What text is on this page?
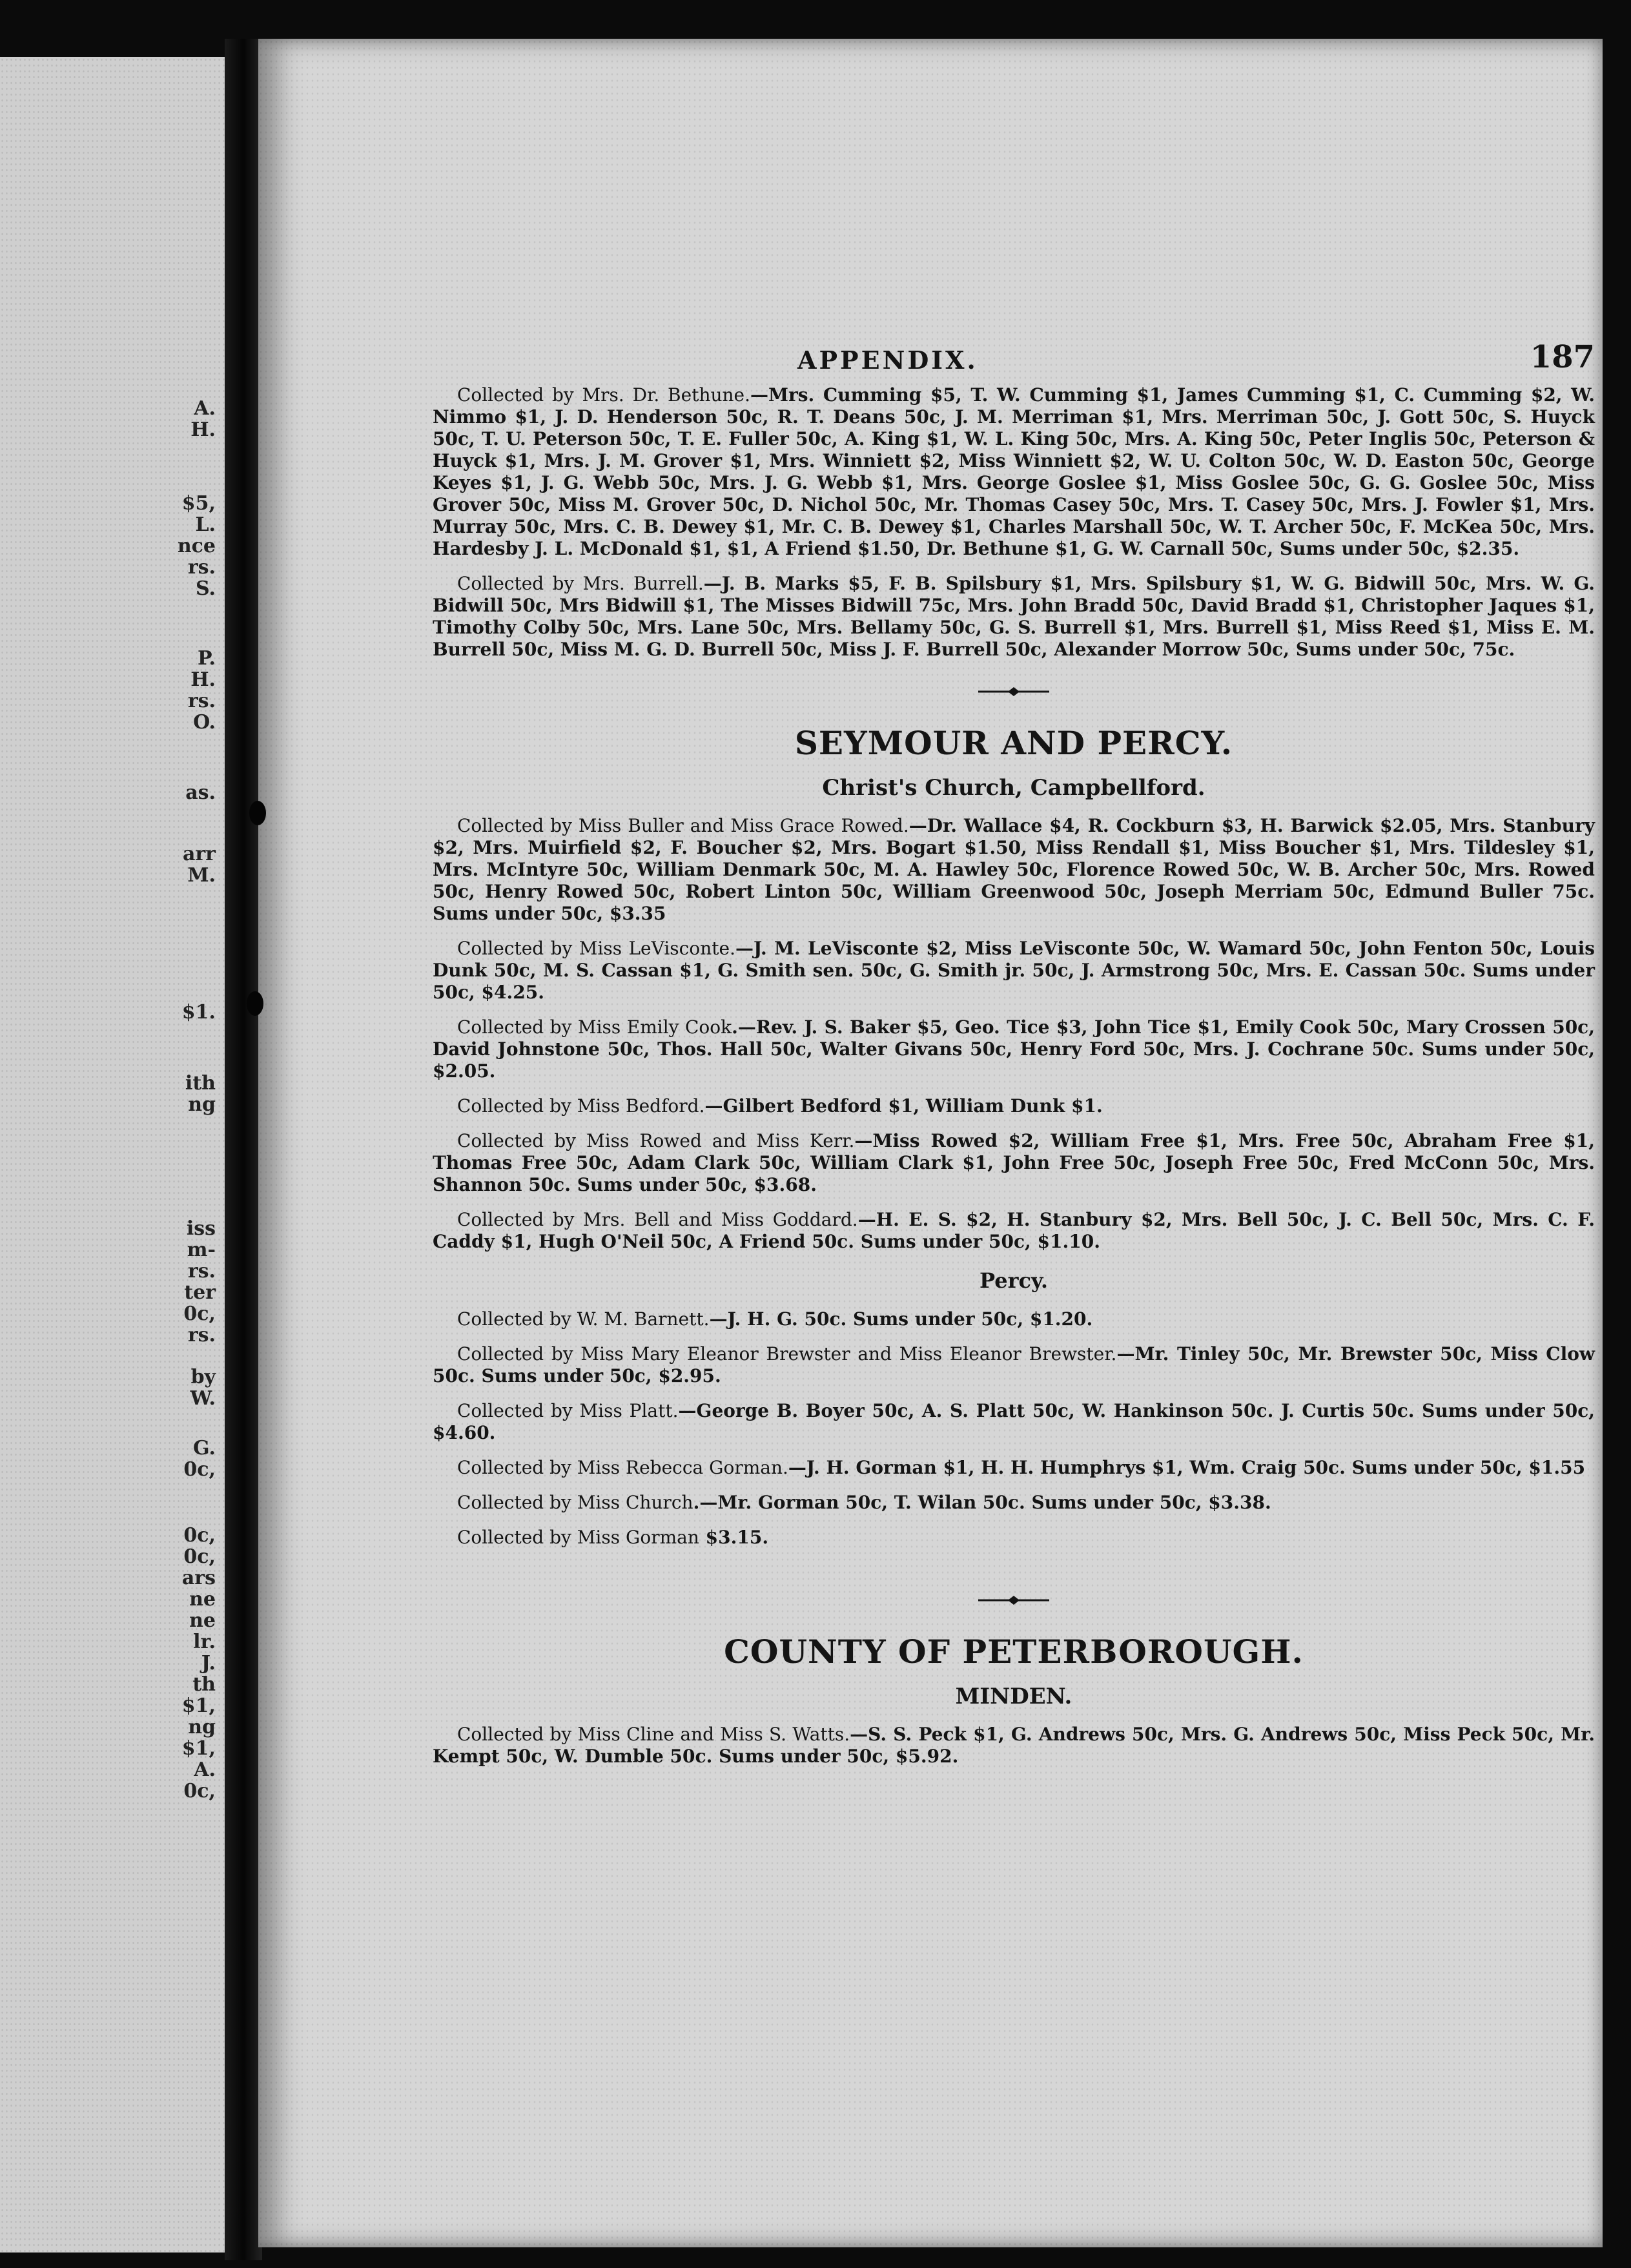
A.
H.
$5,
L.
nce
rs.
S.
P.
H.
rs.
O.
as.
arr
M.
$1.
ith
ng
iss
m-
rs.
ter
0c,
rs.
by
W.
G.
0c,
0c,
0c,
ars
ne
ne
lr.
J.
th
$1,
ng
$1,
A.
0c,
APPENDIX.	187

Collected by Mrs. Dr. Bethune.—Mrs. Cumming $5, T. W. Cumming $1, James Cumming $1, C. Cumming $2, W. Nimmo $1, J. D. Henderson 50c, R. T. Deans 50c, J. M. Merriman $1, Mrs. Merriman 50c, J. Gott 50c, S. Huyck 50c, T. U. Peterson 50c, T. E. Fuller 50c, A. King $1, W. L. King 50c, Mrs. A. King 50c, Peter Inglis 50c, Peterson & Huyck $1, Mrs. J. M. Grover $1, Mrs. Winniett $2, Miss Winniett $2, W. U. Colton 50c, W. D. Easton 50c, George Keyes $1, J. G. Webb 50c, Mrs. J. G. Webb $1, Mrs. George Goslee $1, Miss Goslee 50c, G. G. Goslee 50c, Miss Grover 50c, Miss M. Grover 50c, D. Nichol 50c, Mr. Thomas Casey 50c, Mrs. T. Casey 50c, Mrs. J. Fowler $1, Mrs. Murray 50c, Mrs. C. B. Dewey $1, Mr. C. B. Dewey $1, Charles Marshall 50c, W. T. Archer 50c, F. McKea 50c, Mrs. Hardesby J. L. McDonald $1, $1, A Friend $1.50, Dr. Bethune $1, G. W. Carnall 50c, Sums under 50c, $2.35.

Collected by Mrs. Burrell.—J. B. Marks $5, F. B. Spilsbury $1, Mrs. Spilsbury $1, W. G. Bidwill 50c, Mrs. W. G. Bidwill 50c, Mrs Bidwill $1, The Misses Bidwill 75c, Mrs. John Bradd 50c, David Bradd $1, Christopher Jaques $1, Timothy Colby 50c, Mrs. Lane 50c, Mrs. Bellamy 50c, G. S. Burrell $1, Mrs. Burrell $1, Miss Reed $1, Miss E. M. Burrell 50c, Miss M. G. D. Burrell 50c, Miss J. F. Burrell 50c, Alexander Morrow 50c, Sums under 50c, 75c.

SEYMOUR AND PERCY.
Christ's Church, Campbellford.

Collected by Miss Buller and Miss Grace Rowed.—Dr. Wallace $4, R. Cockburn $3, H. Barwick $2.05, Mrs. Stanbury $2, Mrs. Muirfield $2, F. Boucher $2, Mrs. Bogart $1.50, Miss Rendall $1, Miss Boucher $1, Mrs. Tildesley $1, Mrs. McIntyre 50c, William Denmark 50c, M. A. Hawley 50c, Florence Rowed 50c, W. B. Archer 50c, Mrs. Rowed 50c, Henry Rowed 50c, Robert Linton 50c, William Greenwood 50c, Joseph Merriam 50c, Edmund Buller 75c. Sums under 50c, $3.35

Collected by Miss LeVisconte.—J. M. LeVisconte $2, Miss LeVisconte 50c, W. Wamard 50c, John Fenton 50c, Louis Dunk 50c, M. S. Cassan $1, G. Smith sen. 50c, G. Smith jr. 50c, J. Armstrong 50c, Mrs. E. Cassan 50c. Sums under 50c, $4.25.

Collected by Miss Emily Cook.—Rev. J. S. Baker $5, Geo. Tice $3, John Tice $1, Emily Cook 50c, Mary Crossen 50c, David Johnstone 50c, Thos. Hall 50c, Walter Givans 50c, Henry Ford 50c, Mrs. J. Cochrane 50c. Sums under 50c, $2.05.

Collected by Miss Bedford.—Gilbert Bedford $1, William Dunk $1.

Collected by Miss Rowed and Miss Kerr.—Miss Rowed $2, William Free $1, Mrs. Free 50c, Abraham Free $1, Thomas Free 50c, Adam Clark 50c, William Clark $1, John Free 50c, Joseph Free 50c, Fred McConn 50c, Mrs. Shannon 50c. Sums under 50c, $3.68.

Collected by Mrs. Bell and Miss Goddard.—H. E. S. $2, H. Stanbury $2, Mrs. Bell 50c, J. C. Bell 50c, Mrs. C. F. Caddy $1, Hugh O'Neil 50c, A Friend 50c. Sums under 50c, $1.10.

Percy.

Collected by W. M. Barnett.—J. H. G. 50c. Sums under 50c, $1.20.

Collected by Miss Mary Eleanor Brewster and Miss Eleanor Brewster.—Mr. Tinley 50c, Mr. Brewster 50c, Miss Clow 50c. Sums under 50c, $2.95.

Collected by Miss Platt.—George B. Boyer 50c, A. S. Platt 50c, W. Hankinson 50c. J. Curtis 50c. Sums under 50c, $4.60.

Collected by Miss Rebecca Gorman.—J. H. Gorman $1, H. H. Humphrys $1, Wm. Craig 50c. Sums under 50c, $1.55

Collected by Miss Church.—Mr. Gorman 50c, T. Wilan 50c. Sums under 50c, $3.38.

Collected by Miss Gorman $3.15.

COUNTY OF PETERBOROUGH.
MINDEN.

Collected by Miss Cline and Miss S. Watts.—S. S. Peck $1, G. Andrews 50c, Mrs. G. Andrews 50c, Miss Peck 50c, Mr. Kempt 50c, W. Dumble 50c. Sums under 50c, $5.92.
